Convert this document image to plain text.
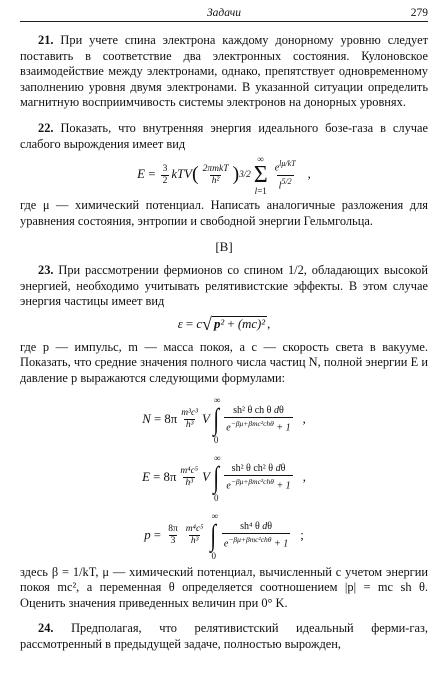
Задачи	279

21. При учете спина электрона каждому донорному уровню следует поставить в соответствие два электронных состояния. Кулоновское взаимодействие между электронами, однако, препятствует одновременному заполнению уровня двумя электронами. В указанной ситуации определить магнитную восприимчивость системы электронов на донорных уровнях.

22. Показать, что внутренняя энергия идеального бозе-газа в случае слабого вырождения имеет вид

$E = \frac{3}{2}$ kTV ( $\frac{\text{2πmkT}}{\text{h²}}$ ) 3/2
∞
Σ
$l=1 \frac{e^{l\mu/kT}}{l^{5/2}}$ ,

где μ — химический потенциал. Написать аналогичные разложения для уравнения состояния, энтропии и свободной энергии Гельмгольца.

[B]

23. При рассмотрении фермионов со спином 1/2, обладающих высокой энергией, необходимо учитывать релятивистские эффекты. В этом случае энергия частицы имеет вид

ε = c √ p² + (mc)² ,

где p — импульс, m — масса покоя, а c — скорость света в вакууме. Показать, что средние значения полного числа частиц N, полной энергии E и давление p выражаются следующими формулами:

$N = 8\pi \frac{\text{m³c³}}{\text{h³}}$ V
∞
∫
0
$\frac{\text{sh² θ ch θ dθ}}{e^{-\beta\mu+\beta mc^2ch\theta} + 1}$ ,
$E = 8\pi \frac{\text{m⁴c⁵}}{\text{h³}}$ V
∞
∫
0
$\frac{\text{sh² θ ch² θ dθ}}{e^{-\beta\mu+\beta mc^2ch\theta} + 1}$ ,
$p = \frac{8\pi}{3} \frac{\text{m⁴c⁵}}{\text{h³}}$
∞
∫
0
$\frac{\text{sh⁴ θ dθ}}{e^{-\beta\mu+\beta mc^2ch\theta} + 1}$ ;

здесь β = 1/kT, μ — химический потенциал, вычисленный с учетом энергии покоя mc², а переменная θ определяется соотношением |p| = mc sh θ. Оценить значения приведенных величин при 0° K.

24. Предполагая, что релятивистский идеальный ферми-газ, рассмотренный в предыдущей задаче, полностью вырожден,
